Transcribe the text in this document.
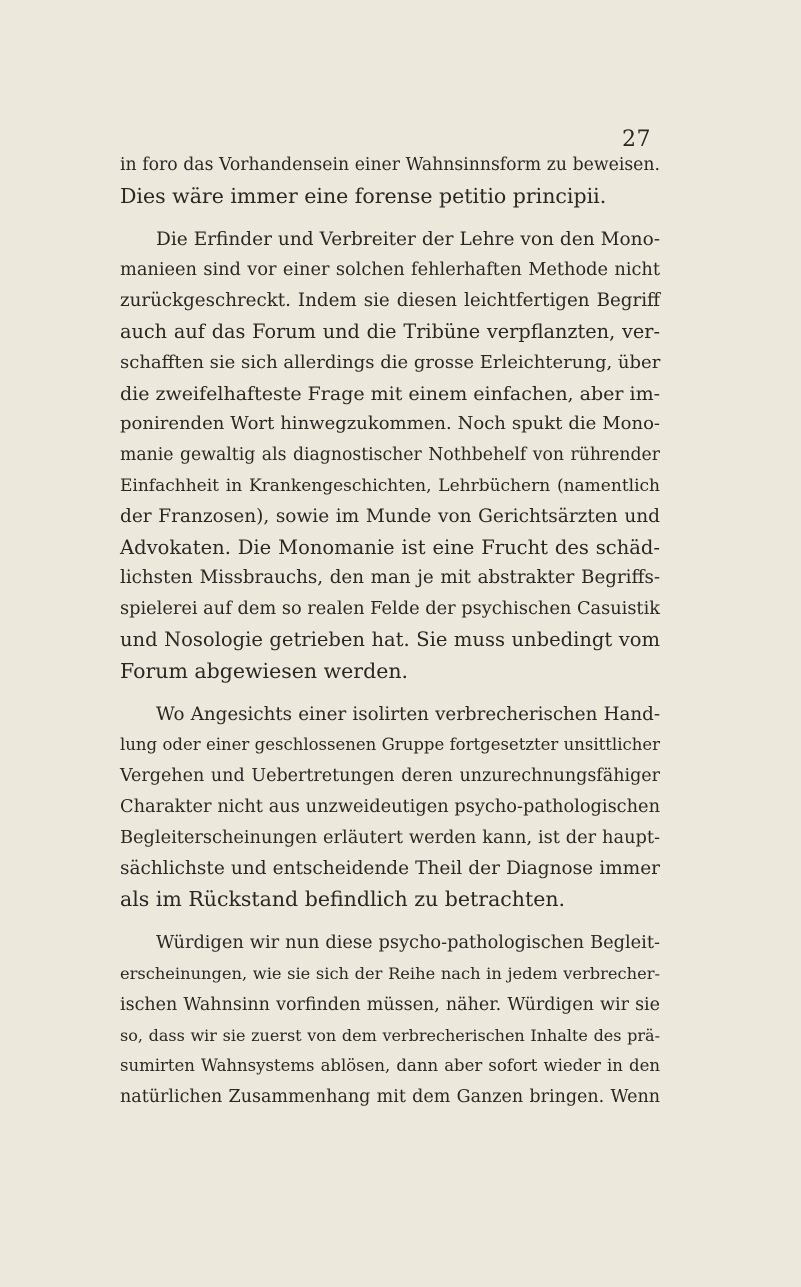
27
in foro das Vorhandensein einer Wahnsinnsform zu beweisen.
Dies wäre immer eine forense petitio principii.
Die Erfinder und Verbreiter der Lehre von den Mono-
manieen sind vor einer solchen fehlerhaften Methode nicht
zurückgeschreckt. Indem sie diesen leichtfertigen Begriff
auch auf das Forum und die Tribüne verpflanzten, ver-
schafften sie sich allerdings die grosse Erleichterung, über
die zweifelhafteste Frage mit einem einfachen, aber im-
ponirenden Wort hinwegzukommen. Noch spukt die Mono-
manie gewaltig als diagnostischer Nothbehelf von rührender
Einfachheit in Krankengeschichten, Lehrbüchern (namentlich
der Franzosen), sowie im Munde von Gerichtsärzten und
Advokaten. Die Monomanie ist eine Frucht des schäd-
lichsten Missbrauchs, den man je mit abstrakter Begriffs-
spielerei auf dem so realen Felde der psychischen Casuistik
und Nosologie getrieben hat. Sie muss unbedingt vom
Forum abgewiesen werden.
Wo Angesichts einer isolirten verbrecherischen Hand-
lung oder einer geschlossenen Gruppe fortgesetzter unsittlicher
Vergehen und Uebertretungen deren unzurechnungsfähiger
Charakter nicht aus unzweideutigen psycho-pathologischen
Begleiterscheinungen erläutert werden kann, ist der haupt-
sächlichste und entscheidende Theil der Diagnose immer
als im Rückstand befindlich zu betrachten.
Würdigen wir nun diese psycho-pathologischen Begleit-
erscheinungen, wie sie sich der Reihe nach in jedem verbrecher-
ischen Wahnsinn vorfinden müssen, näher. Würdigen wir sie
so, dass wir sie zuerst von dem verbrecherischen Inhalte des prä-
sumirten Wahnsystems ablösen, dann aber sofort wieder in den
natürlichen Zusammenhang mit dem Ganzen bringen. Wenn
